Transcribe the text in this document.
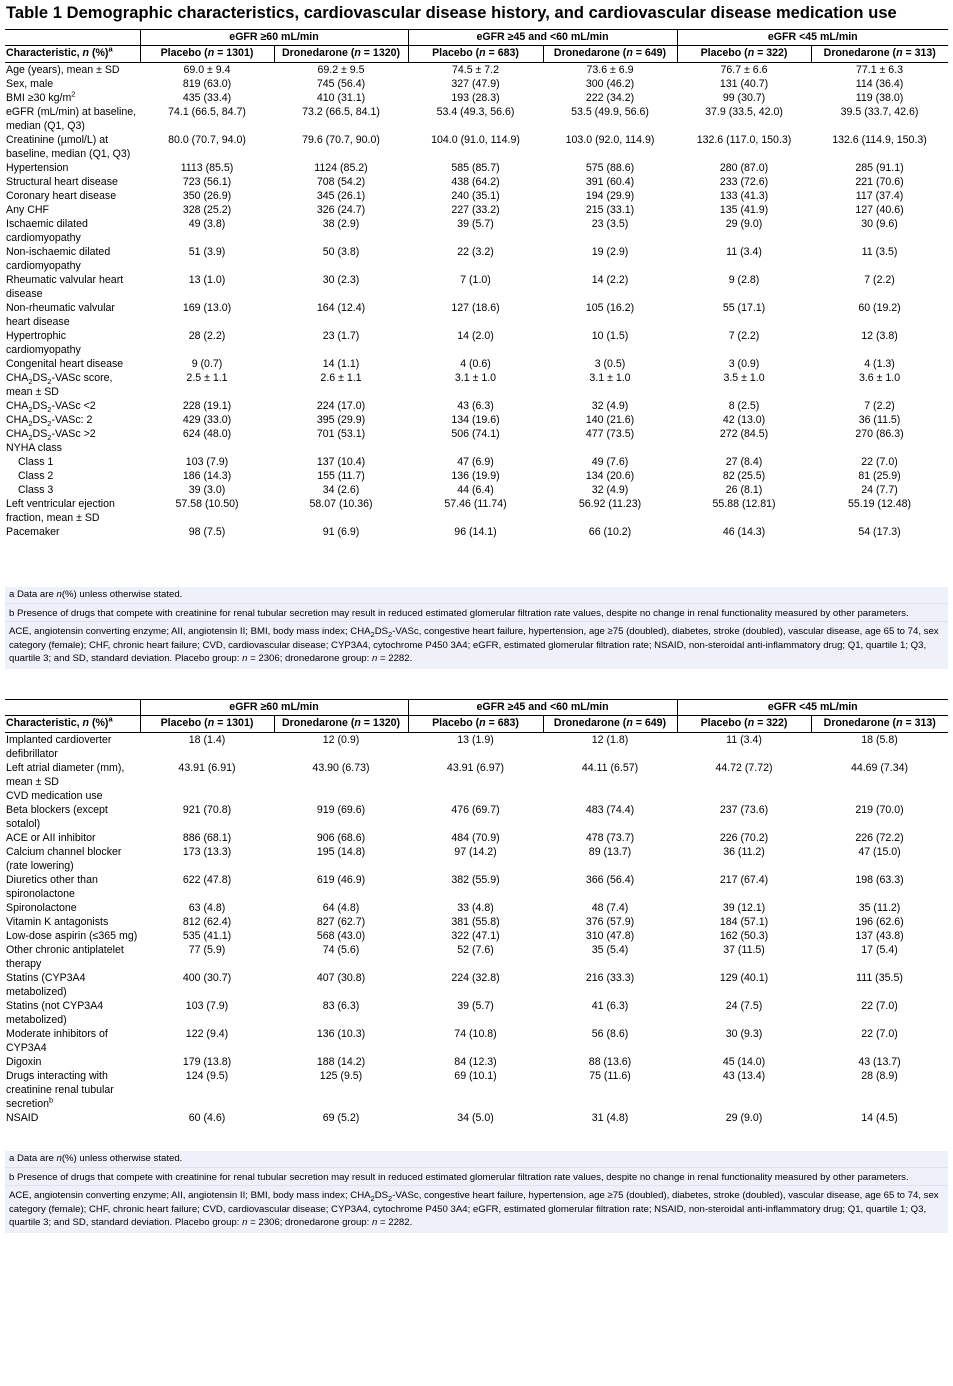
Table 1 Demographic characteristics, cardiovascular disease history, and cardiovascular disease medication use
	eGFR ≥60 mL/min		eGFR ≥45 and <60 mL/min		eGFR <45 mL/min	
Characteristic, n (%)$^a$	Placebo (n = 1301)	Dronedarone (n = 1320)	Placebo (n = 683)	Dronedarone (n = 649)	Placebo (n = 322)	Dronedarone (n = 313)
Age (years), mean ± SD	69.0 ± 9.4	69.2 ± 9.5	74.5 ± 7.2	73.6 ± 6.9	76.7 ± 6.6	77.1 ± 6.3
Sex, male	819 (63.0)	745 (56.4)	327 (47.9)	300 (46.2)	131 (40.7)	114 (36.4)
BMI ≥30 $kg/m^2$	435 (33.4)	410 (31.1)	193 (28.3)	222 (34.2)	99 (30.7)	119 (38.0)
eGFR (mL/min) at baseline, median (Q1, Q3)	74.1 (66.5, 84.7)	73.2 (66.5, 84.1)	53.4 (49.3, 56.6)	53.5 (49.9, 56.6)	37.9 (33.5, 42.0)	39.5 (33.7, 42.6)
Creatinine (µmol/L) at baseline, median (Q1, Q3)	80.0 (70.7, 94.0)	79.6 (70.7, 90.0)	104.0 (91.0, 114.9)	103.0 (92.0, 114.9)	132.6 (117.0, 150.3)	132.6 (114.9, 150.3)
Hypertension	1113 (85.5)	1124 (85.2)	585 (85.7)	575 (88.6)	280 (87.0)	285 (91.1)
Structural heart disease	723 (56.1)	708 (54.2)	438 (64.2)	391 (60.4)	233 (72.6)	221 (70.6)
Coronary heart disease	350 (26.9)	345 (26.1)	240 (35.1)	194 (29.9)	133 (41.3)	117 (37.4)
Any CHF	328 (25.2)	326 (24.7)	227 (33.2)	215 (33.1)	135 (41.9)	127 (40.6)
Ischaemic dilated cardiomyopathy	49 (3.8)	38 (2.9)	39 (5.7)	23 (3.5)	29 (9.0)	30 (9.6)
Non-ischaemic dilated cardiomyopathy	51 (3.9)	50 (3.8)	22 (3.2)	19 (2.9)	11 (3.4)	11 (3.5)
Rheumatic valvular heart disease	13 (1.0)	30 (2.3)	7 (1.0)	14 (2.2)	9 (2.8)	7 (2.2)
Non-rheumatic valvular heart disease	169 (13.0)	164 (12.4)	127 (18.6)	105 (16.2)	55 (17.1)	60 (19.2)
Hypertrophic cardiomyopathy	28 (2.2)	23 (1.7)	14 (2.0)	10 (1.5)	7 (2.2)	12 (3.8)
Congenital heart disease	9 (0.7)	14 (1.1)	4 (0.6)	3 (0.5)	3 (0.9)	4 (1.3)
$CHA_2DS_2$-VASc score, mean ± SD	2.5 ± 1.1	2.6 ± 1.1	3.1 ± 1.0	3.1 ± 1.0	3.5 ± 1.0	3.6 ± 1.0
$CHA_2DS_2$-VASc <2	228 (19.1)	224 (17.0)	43 (6.3)	32 (4.9)	8 (2.5)	7 (2.2)
$CHA_2DS_2$-VASc: 2	429 (33.0)	395 (29.9)	134 (19.6)	140 (21.6)	42 (13.0)	36 (11.5)
$CHA_2DS_2$-VASc >2	624 (48.0)	701 (53.1)	506 (74.1)	477 (73.5)	272 (84.5)	270 (86.3)
NYHA class						
Class 1	103 (7.9)	137 (10.4)	47 (6.9)	49 (7.6)	27 (8.4)	22 (7.0)
Class 2	186 (14.3)	155 (11.7)	136 (19.9)	134 (20.6)	82 (25.5)	81 (25.9)
Class 3	39 (3.0)	34 (2.6)	44 (6.4)	32 (4.9)	26 (8.1)	24 (7.7)
Left ventricular ejection fraction, mean ± SD	57.58 (10.50)	58.07 (10.36)	57.46 (11.74)	56.92 (11.23)	55.88 (12.81)	55.19 (12.48)
Pacemaker	98 (7.5)	91 (6.9)	96 (14.1)	66 (10.2)	46 (14.3)	54 (17.3)

a Data are n(%) unless otherwise stated.

b Presence of drugs that compete with creatinine for renal tubular secretion may result in reduced estimated glomerular filtration rate values, despite no change in renal functionality measured by other parameters.

ACE, angiotensin converting enzyme; AII, angiotensin II; BMI, body mass index; $CHA_2DS_2$-VASc, congestive heart failure, hypertension, age ≥75 (doubled), diabetes, stroke (doubled), vascular disease, age 65 to 74, sex category (female); CHF, chronic heart failure; CVD, cardiovascular disease; CYP3A4, cytochrome P450 3A4; eGFR, estimated glomerular filtration rate; NSAID, non-steroidal anti-inflammatory drug; Q1, quartile 1; Q3, quartile 3; and SD, standard deviation. Placebo group: n = 2306; dronedarone group: n = 2282.

	eGFR ≥60 mL/min		eGFR ≥45 and <60 mL/min		eGFR <45 mL/min	
Characteristic, n (%)$^a$	Placebo (n = 1301)	Dronedarone (n = 1320)	Placebo (n = 683)	Dronedarone (n = 649)	Placebo (n = 322)	Dronedarone (n = 313)
Implanted cardioverter defibrillator	18 (1.4)	12 (0.9)	13 (1.9)	12 (1.8)	11 (3.4)	18 (5.8)
Left atrial diameter (mm), mean ± SD	43.91 (6.91)	43.90 (6.73)	43.91 (6.97)	44.11 (6.57)	44.72 (7.72)	44.69 (7.34)
CVD medication use						
Beta blockers (except sotalol)	921 (70.8)	919 (69.6)	476 (69.7)	483 (74.4)	237 (73.6)	219 (70.0)
ACE or AII inhibitor	886 (68.1)	906 (68.6)	484 (70.9)	478 (73.7)	226 (70.2)	226 (72.2)
Calcium channel blocker (rate lowering)	173 (13.3)	195 (14.8)	97 (14.2)	89 (13.7)	36 (11.2)	47 (15.0)
Diuretics other than spironolactone	622 (47.8)	619 (46.9)	382 (55.9)	366 (56.4)	217 (67.4)	198 (63.3)
Spironolactone	63 (4.8)	64 (4.8)	33 (4.8)	48 (7.4)	39 (12.1)	35 (11.2)
Vitamin K antagonists	812 (62.4)	827 (62.7)	381 (55.8)	376 (57.9)	184 (57.1)	196 (62.6)
Low-dose aspirin (≤365 mg)	535 (41.1)	568 (43.0)	322 (47.1)	310 (47.8)	162 (50.3)	137 (43.8)
Other chronic antiplatelet therapy	77 (5.9)	74 (5.6)	52 (7.6)	35 (5.4)	37 (11.5)	17 (5.4)
Statins (CYP3A4 metabolized)	400 (30.7)	407 (30.8)	224 (32.8)	216 (33.3)	129 (40.1)	111 (35.5)
Statins (not CYP3A4 metabolized)	103 (7.9)	83 (6.3)	39 (5.7)	41 (6.3)	24 (7.5)	22 (7.0)
Moderate inhibitors of CYP3A4	122 (9.4)	136 (10.3)	74 (10.8)	56 (8.6)	30 (9.3)	22 (7.0)
Digoxin	179 (13.8)	188 (14.2)	84 (12.3)	88 (13.6)	45 (14.0)	43 (13.7)
Drugs interacting with creatinine renal tubular secretion$^b$	124 (9.5)	125 (9.5)	69 (10.1)	75 (11.6)	43 (13.4)	28 (8.9)
NSAID	60 (4.6)	69 (5.2)	34 (5.0)	31 (4.8)	29 (9.0)	14 (4.5)

a Data are n(%) unless otherwise stated.

b Presence of drugs that compete with creatinine for renal tubular secretion may result in reduced estimated glomerular filtration rate values, despite no change in renal functionality measured by other parameters.

ACE, angiotensin converting enzyme; AII, angiotensin II; BMI, body mass index; $CHA_2DS_2$-VASc, congestive heart failure, hypertension, age ≥75 (doubled), diabetes, stroke (doubled), vascular disease, age 65 to 74, sex category (female); CHF, chronic heart failure; CVD, cardiovascular disease; CYP3A4, cytochrome P450 3A4; eGFR, estimated glomerular filtration rate; NSAID, non-steroidal anti-inflammatory drug; Q1, quartile 1; Q3, quartile 3; and SD, standard deviation. Placebo group: n = 2306; dronedarone group: n = 2282.
